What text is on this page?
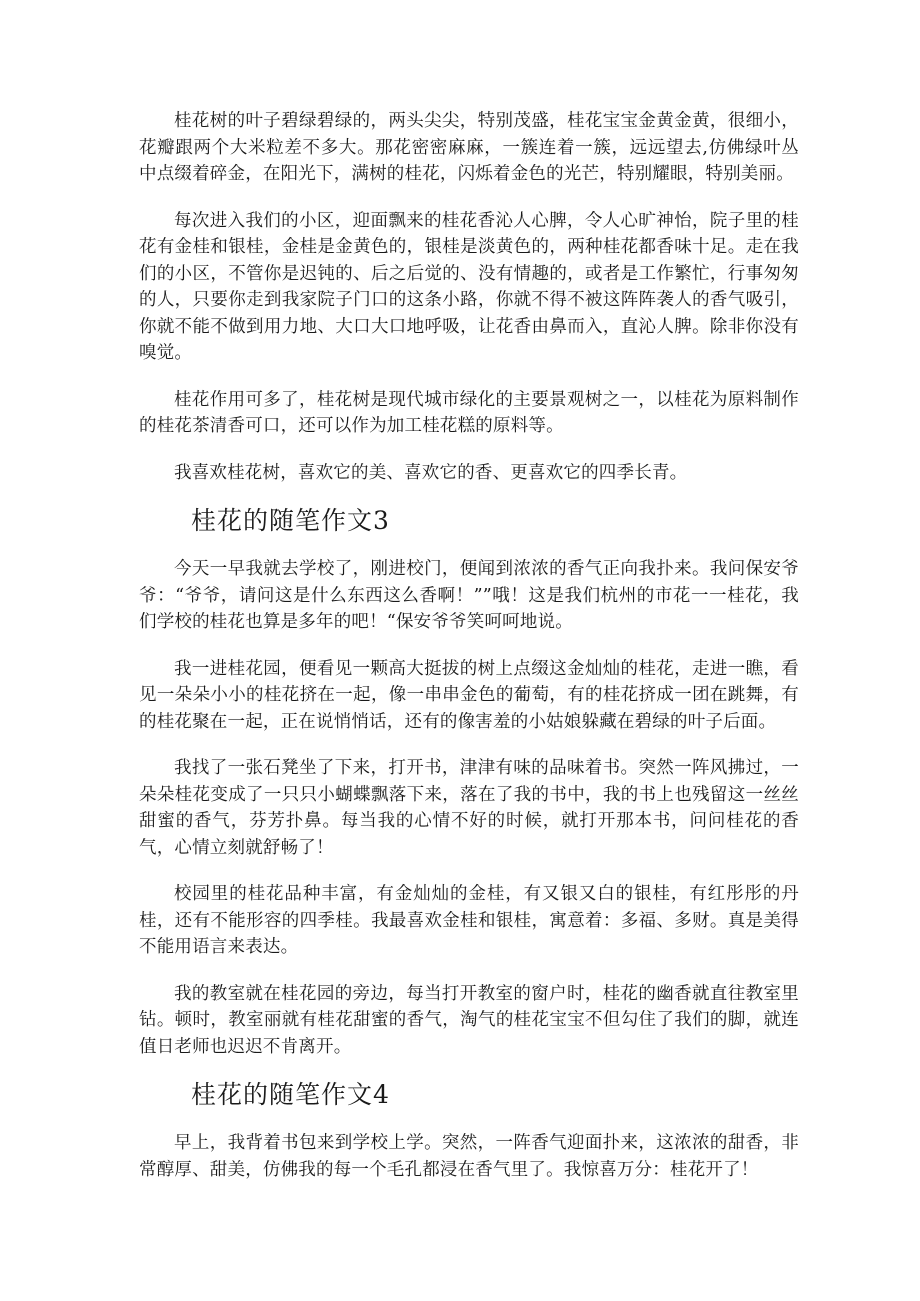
桂花树的叶子碧绿碧绿的，两头尖尖，特别茂盛，桂花宝宝金黄金黄，很细小，花瓣跟两个大米粒差不多大。那花密密麻麻，一簇连着一簇，远远望去,仿佛绿叶丛中点缀着碎金，在阳光下，满树的桂花，闪烁着金色的光芒，特别耀眼，特别美丽。

每次进入我们的小区，迎面飘来的桂花香沁人心脾，令人心旷神怡，院子里的桂花有金桂和银桂，金桂是金黄色的，银桂是淡黄色的，两种桂花都香味十足。走在我们的小区，不管你是迟钝的、后之后觉的、没有情趣的，或者是工作繁忙，行事匆匆的人，只要你走到我家院子门口的这条小路，你就不得不被这阵阵袭人的香气吸引，你就不能不做到用力地、大口大口地呼吸，让花香由鼻而入，直沁人脾。除非你没有嗅觉。

桂花作用可多了，桂花树是现代城市绿化的主要景观树之一，以桂花为原料制作的桂花茶清香可口，还可以作为加工桂花糕的原料等。

我喜欢桂花树，喜欢它的美、喜欢它的香、更喜欢它的四季长青。

桂花的随笔作文3

今天一早我就去学校了，刚进校门，便闻到浓浓的香气正向我扑来。我问保安爷爷：“爷爷，请问这是什么东西这么香啊！””哦！这是我们杭州的市花一一桂花，我们学校的桂花也算是多年的吧！“保安爷爷笑呵呵地说。

我一进桂花园，便看见一颗高大挺拔的树上点缀这金灿灿的桂花，走进一瞧，看见一朵朵小小的桂花挤在一起，像一串串金色的葡萄，有的桂花挤成一团在跳舞，有的桂花聚在一起，正在说悄悄话，还有的像害羞的小姑娘躲藏在碧绿的叶子后面。

我找了一张石凳坐了下来，打开书，津津有味的品味着书。突然一阵风拂过，一朵朵桂花变成了一只只小蝴蝶飘落下来，落在了我的书中，我的书上也残留这一丝丝甜蜜的香气，芬芳扑鼻。每当我的心情不好的时候，就打开那本书，问问桂花的香气，心情立刻就舒畅了！

校园里的桂花品种丰富，有金灿灿的金桂，有又银又白的银桂，有红彤彤的丹桂，还有不能形容的四季桂。我最喜欢金桂和银桂，寓意着：多福、多财。真是美得不能用语言来表达。

我的教室就在桂花园的旁边，每当打开教室的窗户时，桂花的幽香就直往教室里钻。顿时，教室丽就有桂花甜蜜的香气，淘气的桂花宝宝不但勾住了我们的脚，就连值日老师也迟迟不肯离开。

桂花的随笔作文4

早上，我背着书包来到学校上学。突然，一阵香气迎面扑来，这浓浓的甜香，非常醇厚、甜美，仿佛我的每一个毛孔都浸在香气里了。我惊喜万分：桂花开了！
